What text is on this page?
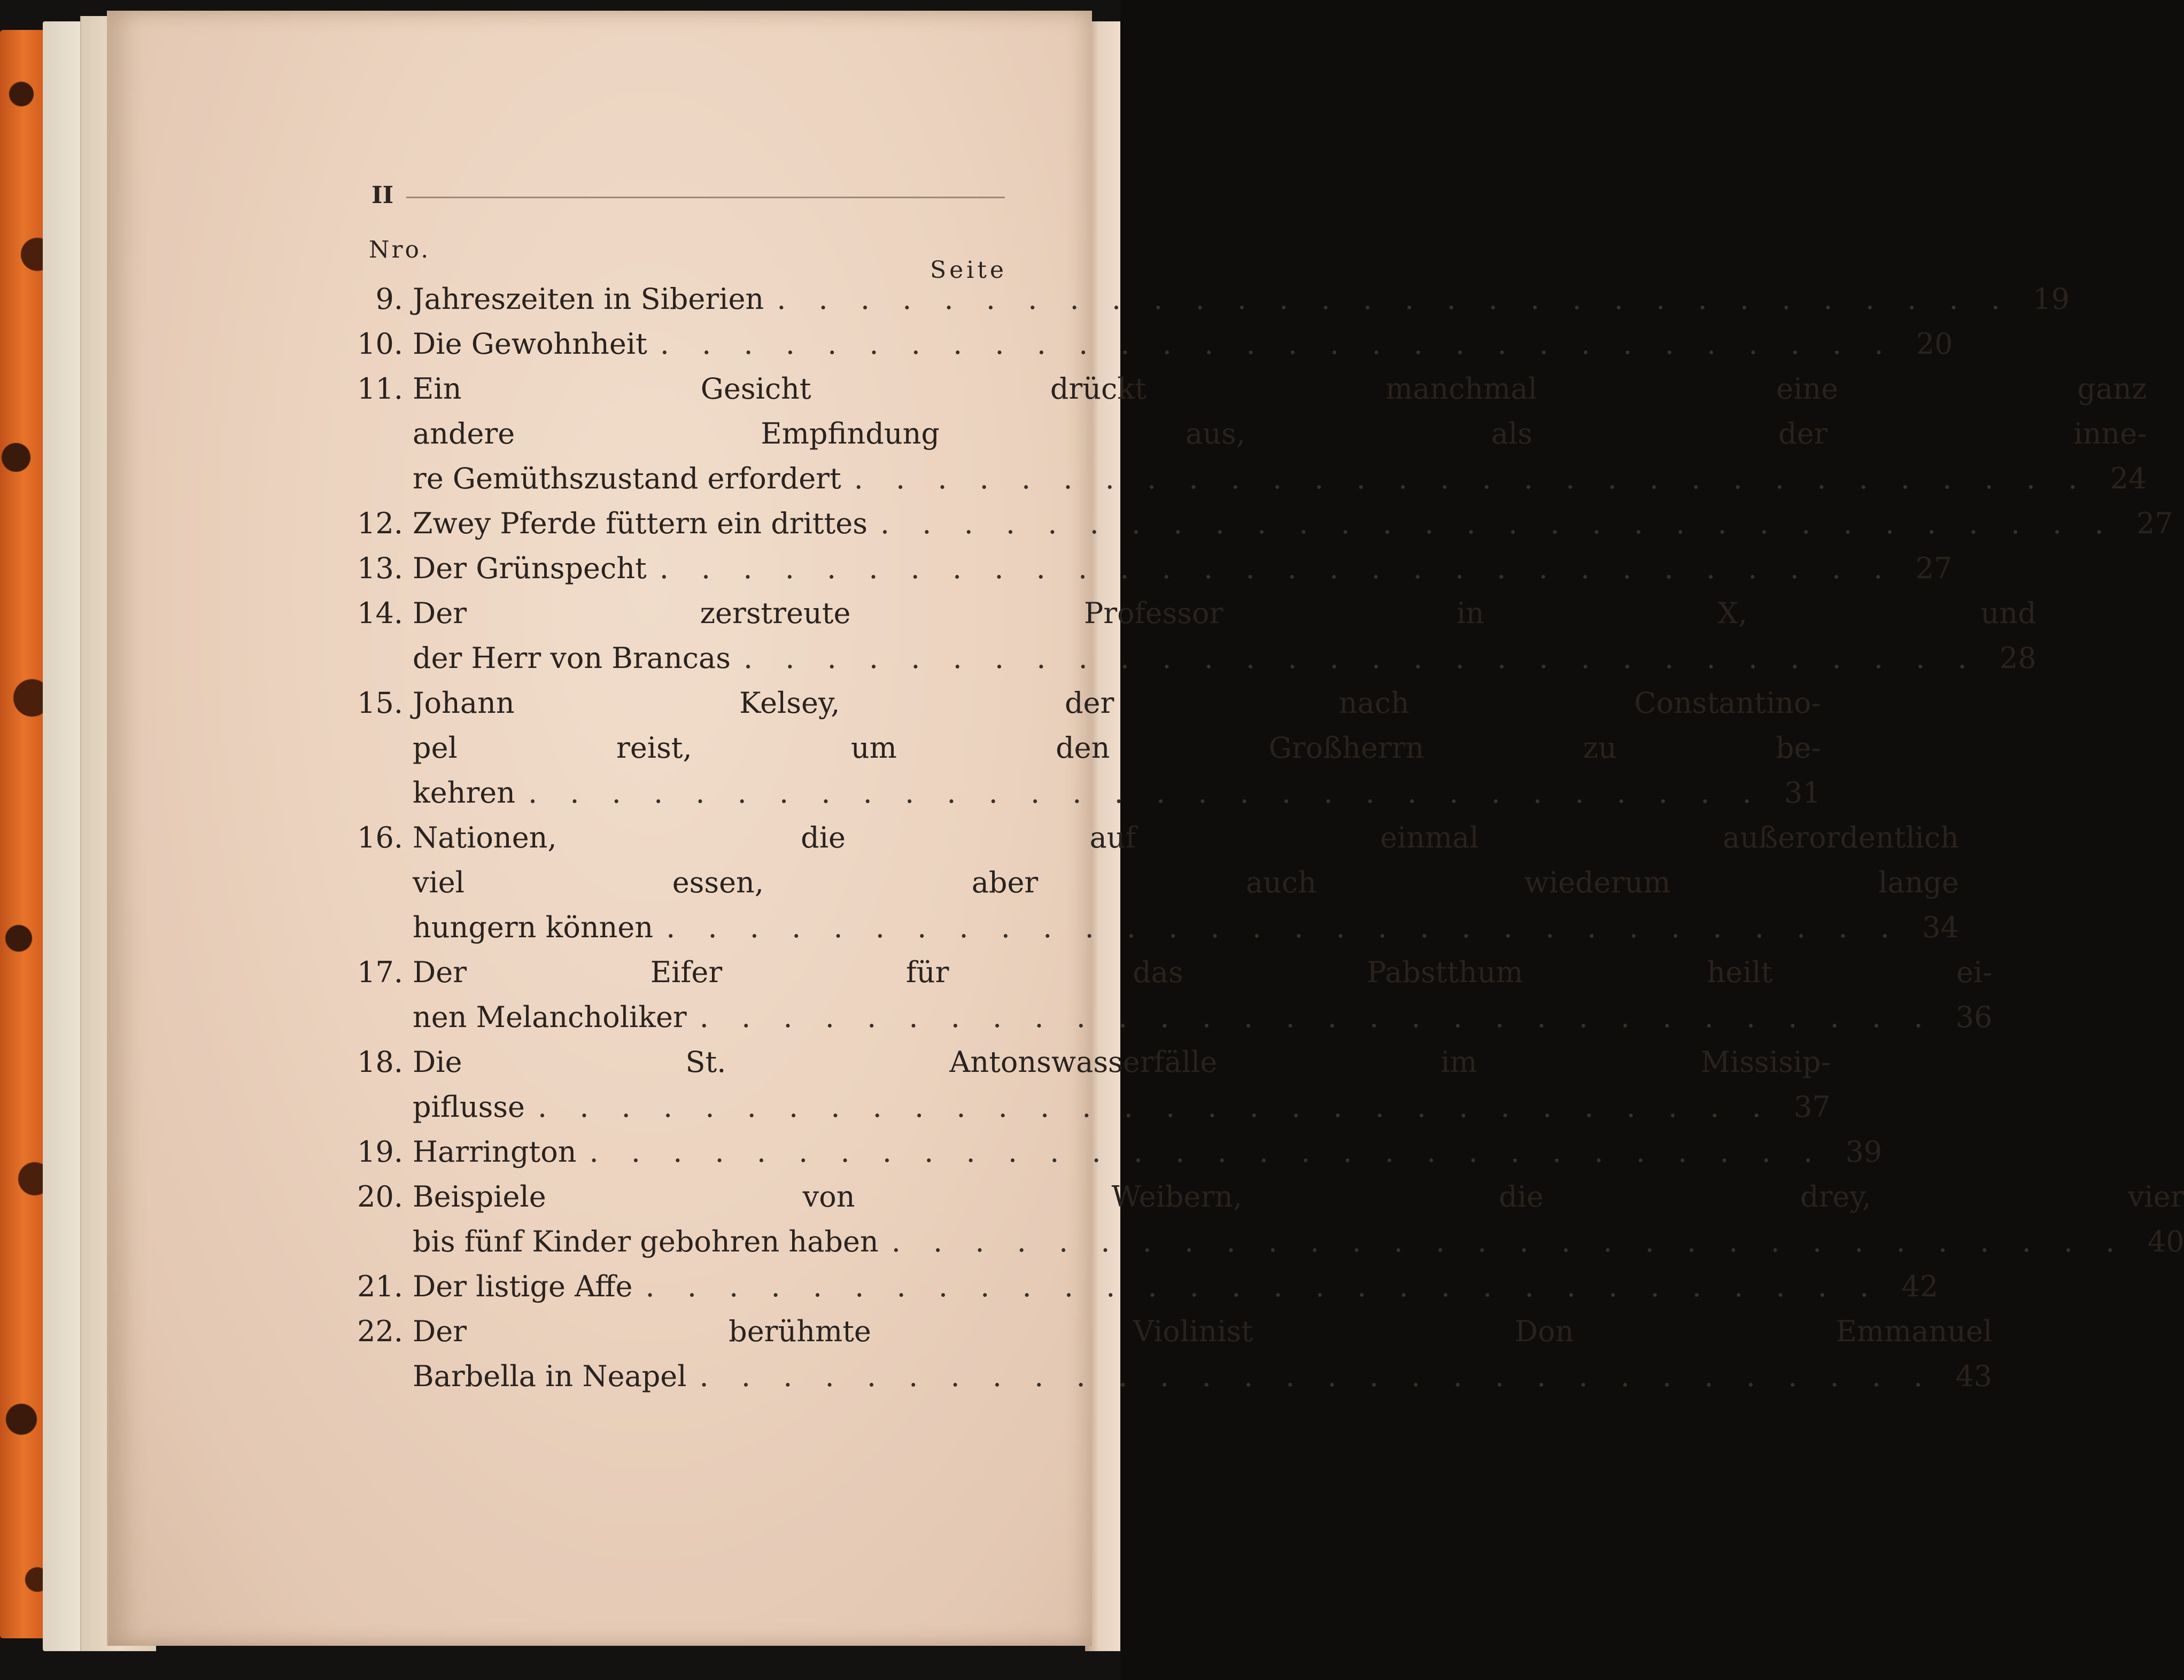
II
Nro.
Seite
9. Jahreszeiten in Siberien . . . . . . . . . . . . . . . . . . . . . . . . . . . . . . 19
10. Die Gewohnheit . . . . . . . . . . . . . . . . . . . . . . . . . . . . . . 20
11. Ein Gesicht drückt manchmal eine ganz
andere Empfindung aus, als der inne-
re Gemüthszustand erfordert . . . . . . . . . . . . . . . . . . . . . . . . . . . . . . 24
12. Zwey Pferde füttern ein drittes . . . . . . . . . . . . . . . . . . . . . . . . . . . . . . 27
13. Der Grünspecht . . . . . . . . . . . . . . . . . . . . . . . . . . . . . . 27
14. Der zerstreute Professor in X, und
der Herr von Brancas . . . . . . . . . . . . . . . . . . . . . . . . . . . . . . 28
15. Johann Kelsey, der nach Constantino-
pel reist, um den Großherrn zu be-
kehren . . . . . . . . . . . . . . . . . . . . . . . . . . . . . . 31
16. Nationen, die auf einmal außerordentlich
viel essen, aber auch wiederum lange
hungern können . . . . . . . . . . . . . . . . . . . . . . . . . . . . . . 34
17. Der Eifer für das Pabstthum heilt ei-
nen Melancholiker . . . . . . . . . . . . . . . . . . . . . . . . . . . . . . 36
18. Die St. Antonswasserfälle im Missisip-
piflusse . . . . . . . . . . . . . . . . . . . . . . . . . . . . . . 37
19. Harrington . . . . . . . . . . . . . . . . . . . . . . . . . . . . . . 39
20. Beispiele von Weibern, die drey, vier
bis fünf Kinder gebohren haben . . . . . . . . . . . . . . . . . . . . . . . . . . . . . . 40
21. Der listige Affe . . . . . . . . . . . . . . . . . . . . . . . . . . . . . . 42
22. Der berühmte Violinist Don Emmanuel
Barbella in Neapel . . . . . . . . . . . . . . . . . . . . . . . . . . . . . . 43
